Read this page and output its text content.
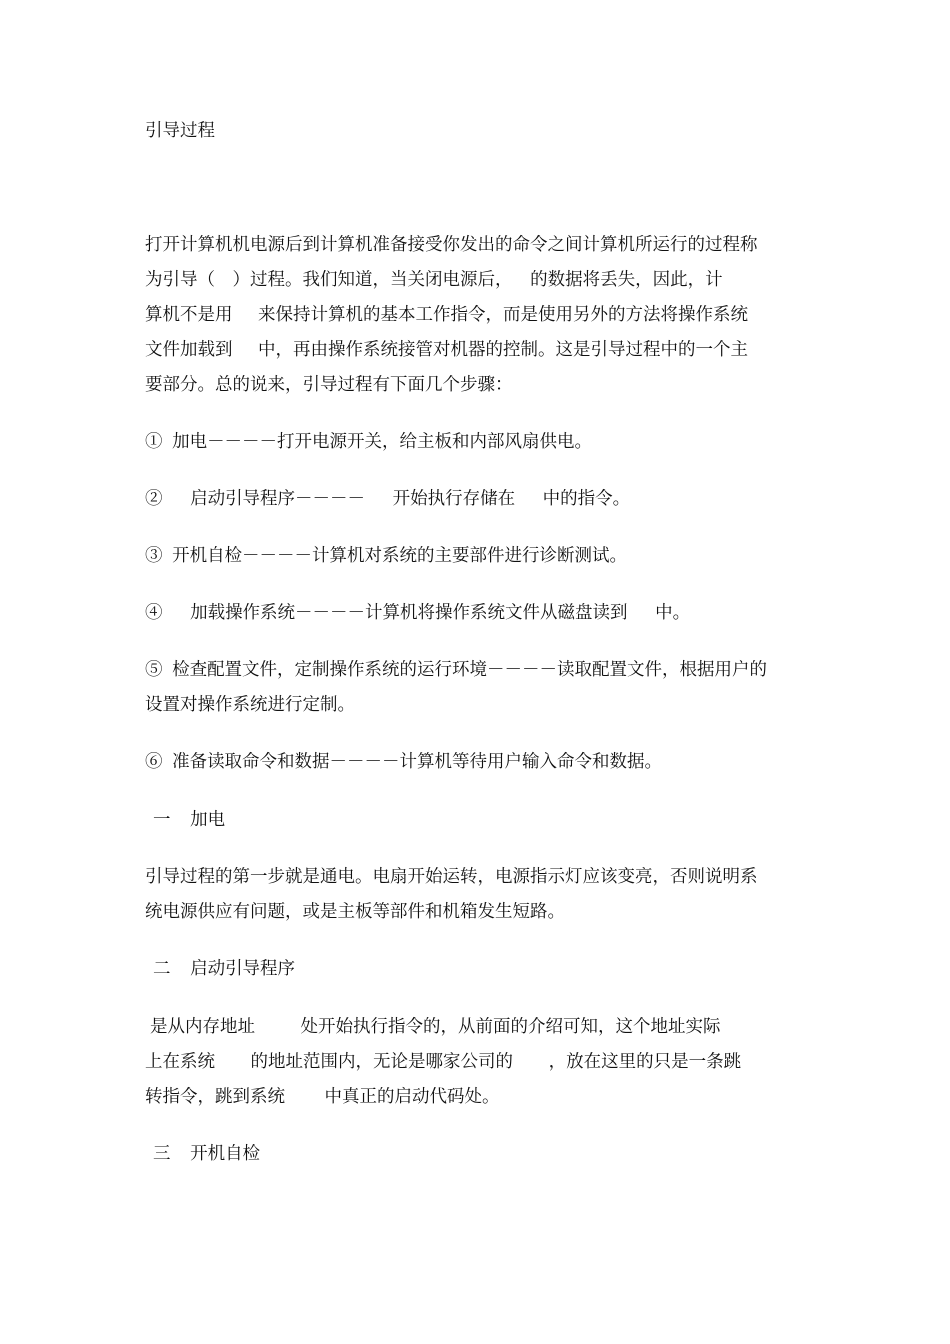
引导过程

打开计算机机电源后到计算机准备接受你发出的命令之间计算机所运行的过程称

为引导（ ）过程。我们知道，当关闭电源后， 的数据将丢失，因此，计

算机不是用 来保持计算机的基本工作指令，而是使用另外的方法将操作系统

文件加载到 中，再由操作系统接管对机器的控制。这是引导过程中的一个主

要部分。总的说来，引导过程有下面几个步骤：

① 加电－－－－打开电源开关，给主板和内部风扇供电。

② 启动引导程序－－－－ 开始执行存储在 中的指令。

③ 开机自检－－－－计算机对系统的主要部件进行诊断测试。

④ 加载操作系统－－－－计算机将操作系统文件从磁盘读到 中。

⑤ 检查配置文件，定制操作系统的运行环境－－－－读取配置文件，根据用户的

设置对操作系统进行定制。

⑥ 准备读取命令和数据－－－－计算机等待用户输入命令和数据。

一 加电

引导过程的第一步就是通电。电扇开始运转，电源指示灯应该变亮，否则说明系

统电源供应有问题，或是主板等部件和机箱发生短路。

二 启动引导程序

是从内存地址 处开始执行指令的，从前面的介绍可知，这个地址实际

上在系统 的地址范围内，无论是哪家公司的 ，放在这里的只是一条跳

转指令，跳到系统 中真正的启动代码处。

三 开机自检
